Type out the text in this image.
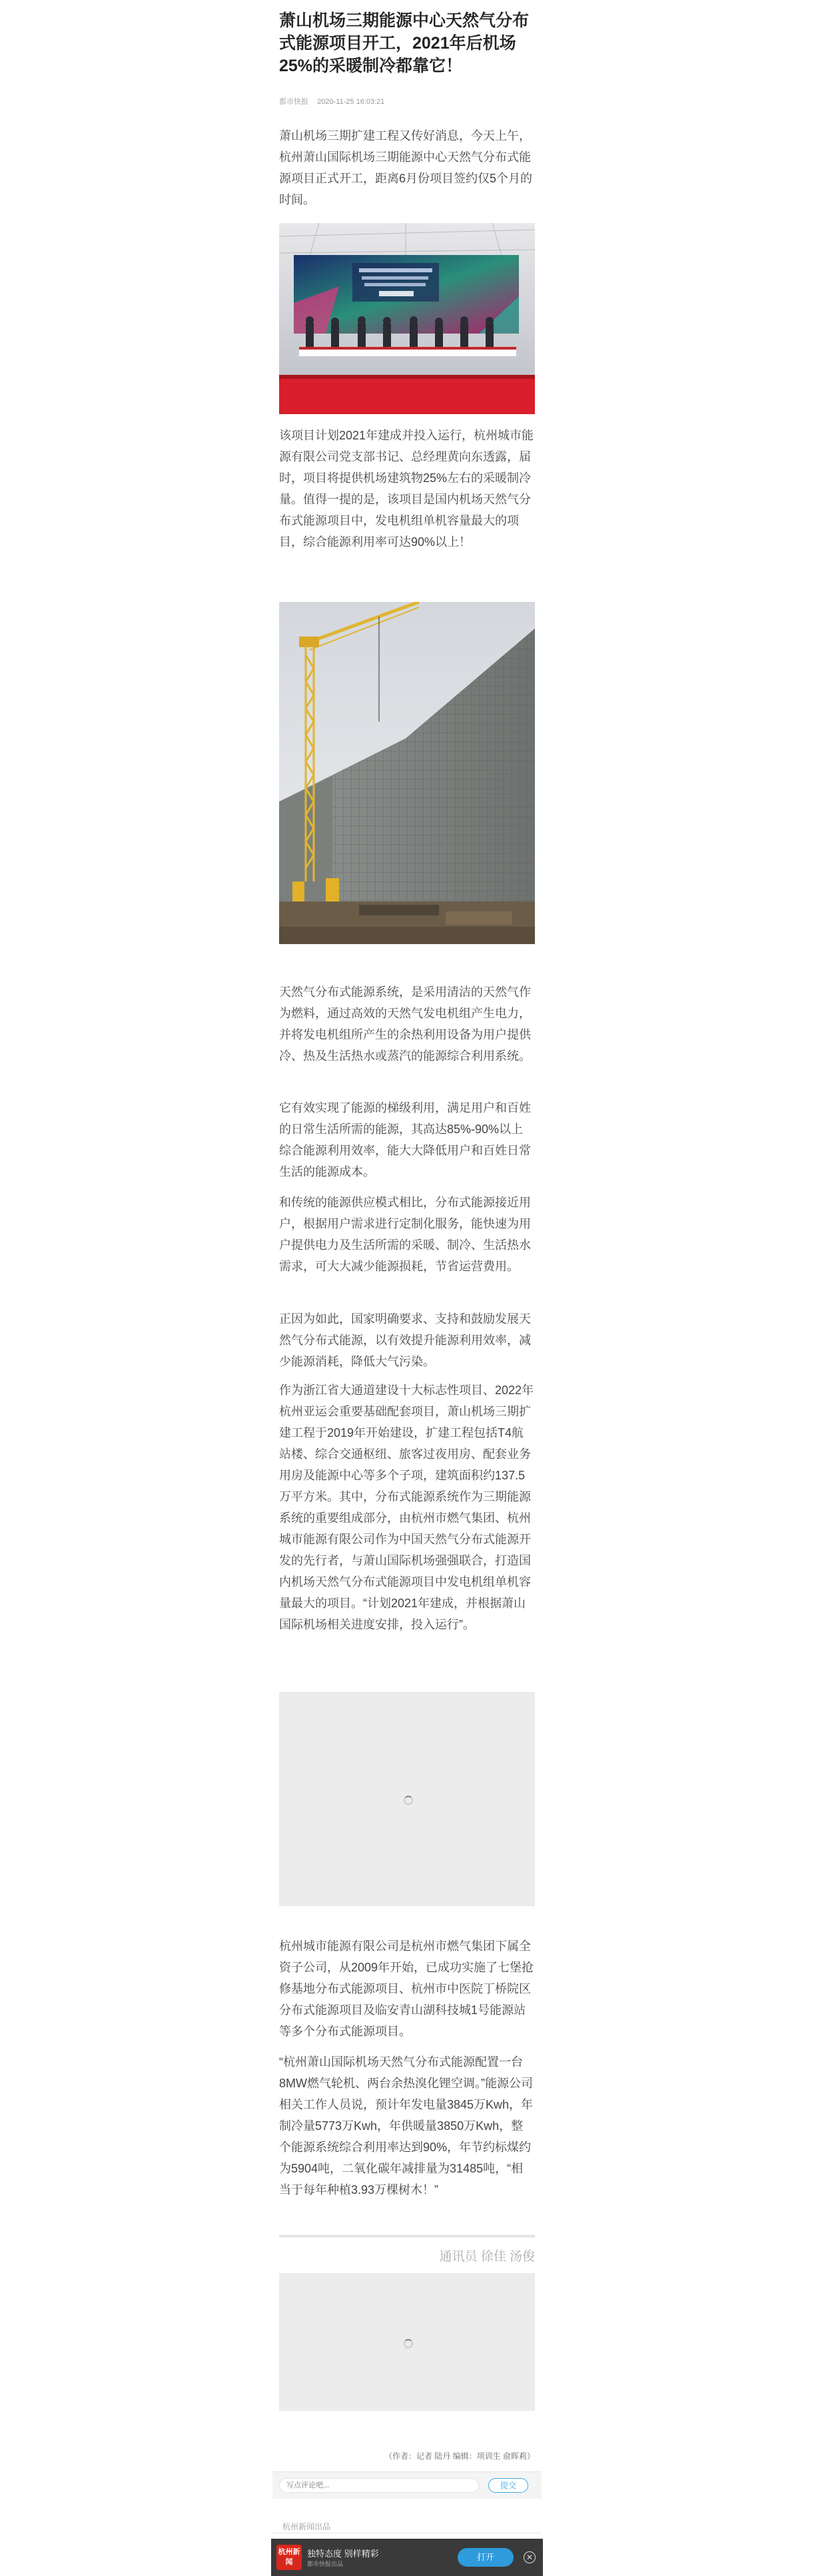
萧山机场三期能源中心天然气分布式能源项目开工，2021年后机场25%的采暖制冷都靠它！
都市快报 2020-11-25 16:03:21

萧山机场三期扩建工程又传好消息，今天上午，杭州萧山国际机场三期能源中心天然气分布式能源项目正式开工，距离6月份项目签约仅5个月的时间。

该项目计划2021年建成并投入运行，杭州城市能源有限公司党支部书记、总经理黄向东透露，届时，项目将提供机场建筑物25%左右的采暖制冷量。值得一提的是，该项目是国内机场天然气分布式能源项目中，发电机组单机容量最大的项目，综合能源利用率可达90%以上！

天然气分布式能源系统，是采用清洁的天然气作为燃料，通过高效的天然气发电机组产生电力，并将发电机组所产生的余热利用设备为用户提供冷、热及生活热水或蒸汽的能源综合利用系统。

它有效实现了能源的梯级利用，满足用户和百姓的日常生活所需的能源，其高达85%-90%以上综合能源利用效率，能大大降低用户和百姓日常生活的能源成本。

和传统的能源供应模式相比，分布式能源接近用户，根据用户需求进行定制化服务，能快速为用户提供电力及生活所需的采暖、制冷、生活热水需求，可大大减少能源损耗，节省运营费用。

正因为如此，国家明确要求、支持和鼓励发展天然气分布式能源，以有效提升能源利用效率，减少能源消耗，降低大气污染。

作为浙江省大通道建设十大标志性项目、2022年杭州亚运会重要基础配套项目，萧山机场三期扩建工程于2019年开始建设，扩建工程包括T4航站楼、综合交通枢纽、旅客过夜用房、配套业务用房及能源中心等多个子项，建筑面积约137.5万平方米。其中，分布式能源系统作为三期能源系统的重要组成部分，由杭州市燃气集团、杭州城市能源有限公司作为中国天然气分布式能源开发的先行者，与萧山国际机场强强联合，打造国内机场天然气分布式能源项目中发电机组单机容量最大的项目。“计划2021年建成，并根据萧山国际机场相关进度安排，投入运行”。

杭州城市能源有限公司是杭州市燃气集团下属全资子公司，从2009年开始，已成功实施了七堡抢修基地分布式能源项目、杭州市中医院丁桥院区分布式能源项目及临安青山湖科技城1号能源站等多个分布式能源项目。

“杭州萧山国际机场天然气分布式能源配置一台8MW燃气轮机、两台余热溴化锂空调。”能源公司相关工作人员说，预计年发电量3845万Kwh，年制冷量5773万Kwh，年供暖量3850万Kwh，整个能源系统综合利用率达到90%，年节约标煤约为5904吨，二氧化碳年减排量为31485吨，“相当于每年种植3.93万棵树木！”

通讯员 徐佳 汤俊
（作者：记者 陆丹 编辑：项训生 俞晖莉）
写点评论吧...
提交
杭州新闻出品
杭州新闻
独特态度 别样精彩
都市快报出品
打开	✕
